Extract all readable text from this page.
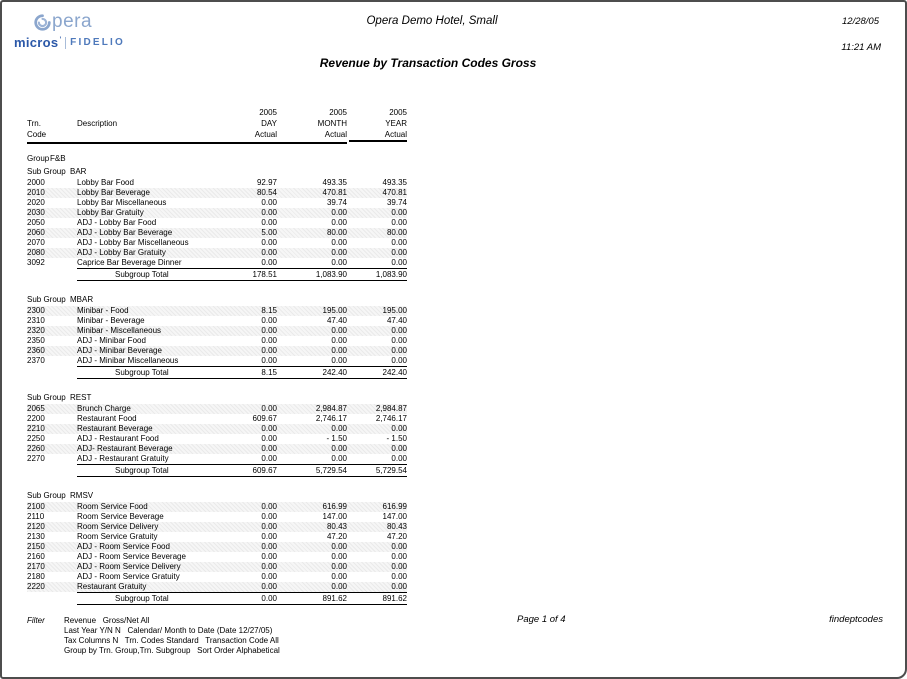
pera
micros ' FIDELIO
Opera Demo Hotel, Small	12/28/05
11:21 AM
Revenue by Transaction Codes Gross
2005	2005	2005
Trn.	Description	DAY	MONTH	YEAR
Code	Actual	Actual	Actual
Group F&B
Sub Group BAR
2000	Lobby Bar Food	92.97	493.35	493.35
2010	Lobby Bar Beverage	80.54	470.81	470.81
2020	Lobby Bar Miscellaneous	0.00	39.74	39.74
2030	Lobby Bar Gratuity	0.00	0.00	0.00
2050	ADJ - Lobby Bar Food	0.00	0.00	0.00
2060	ADJ - Lobby Bar Beverage	5.00	80.00	80.00
2070	ADJ - Lobby Bar Miscellaneous	0.00	0.00	0.00
2080	ADJ - Lobby Bar Gratuity	0.00	0.00	0.00
3092	Caprice Bar Beverage Dinner	0.00	0.00	0.00
Subgroup Total	178.51	1,083.90	1,083.90
Sub Group MBAR
2300	Minibar - Food	8.15	195.00	195.00
2310	Minibar - Beverage	0.00	47.40	47.40
2320	Minibar - Miscellaneous	0.00	0.00	0.00
2350	ADJ - Minibar Food	0.00	0.00	0.00
2360	ADJ - Minibar Beverage	0.00	0.00	0.00
2370	ADJ - Minibar Miscellaneous	0.00	0.00	0.00
Subgroup Total	8.15	242.40	242.40
Sub Group REST
2065	Brunch Charge	0.00	2,984.87	2,984.87
2200	Restaurant Food	609.67	2,746.17	2,746.17
2210	Restaurant Beverage	0.00	0.00	0.00
2250	ADJ - Restaurant Food	0.00	- 1.50	- 1.50
2260	ADJ- Restaurant Beverage	0.00	0.00	0.00
2270	ADJ - Restaurant Gratuity	0.00	0.00	0.00
Subgroup Total	609.67	5,729.54	5,729.54
Sub Group RMSV
2100	Room Service Food	0.00	616.99	616.99
2110	Room Service Beverage	0.00	147.00	147.00
2120	Room Service Delivery	0.00	80.43	80.43
2130	Room Service Gratuity	0.00	47.20	47.20
2150	ADJ - Room Service Food	0.00	0.00	0.00
2160	ADJ - Room Service Beverage	0.00	0.00	0.00
2170	ADJ - Room Service Delivery	0.00	0.00	0.00
2180	ADJ - Room Service Gratuity	0.00	0.00	0.00
2220	Restaurant Gratuity	0.00	0.00	0.00
Subgroup Total	0.00	891.62	891.62
Filter Revenue   Gross/Net All
Last Year Y/N N   Calendar/ Month to Date (Date 12/27/05)
Tax Columns N   Trn. Codes Standard   Transaction Code All
Group by Trn. Group,Trn. Subgroup   Sort Order Alphabetical
Page 1 of 4	findeptcodes
